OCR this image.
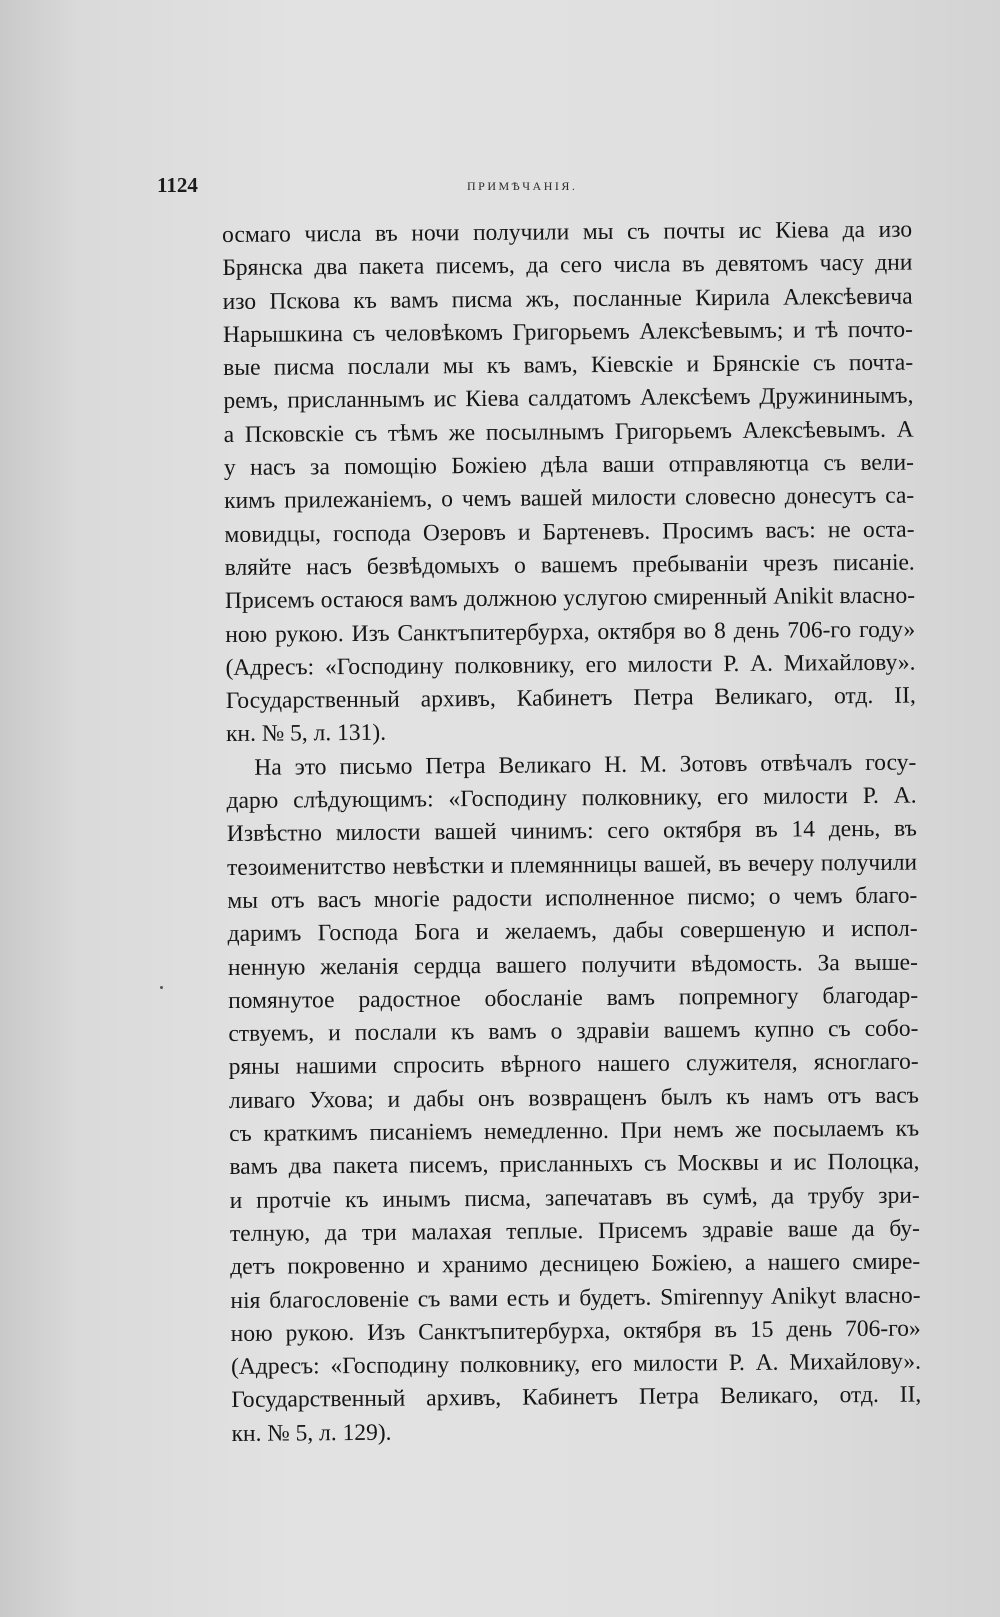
1124	ПРИМѢЧАНІЯ.
осмаго числа въ ночи получили мы съ почты ис Кіева да изо
Брянска два пакета писемъ, да сего числа въ девятомъ часу дни
изо Пскова къ вамъ писма жъ, посланные Кирила Алексѣевича
Нарышкина съ человѣкомъ Григорьемъ Алексѣевымъ; и тѣ почто-
вые писма послали мы къ вамъ, Кіевскіе и Брянскіе съ почта-
ремъ, присланнымъ ис Кіева салдатомъ Алексѣемъ Дружининымъ,
а Псковскіе съ тѣмъ же посылнымъ Григорьемъ Алексѣевымъ. А
у насъ за помощію Божіею дѣла ваши отправляютца съ вели-
кимъ прилежаніемъ, о чемъ вашей милости словесно донесутъ са-
мовидцы, господа Озеровъ и Бартеневъ. Просимъ васъ: не оста-
вляйте насъ безвѣдомыхъ о вашемъ пребываніи чрезъ писаніе.
Присемъ остаюся вамъ должною услугою смиренный Anikit власно-
ною рукою. Изъ Санктъпитербурха, октября во 8 день 706-го году»
(Адресъ: «Господину полковнику, его милости Р. А. Михайлову».
Государственный архивъ, Кабинетъ Петра Великаго, отд. II,
кн. № 5, л. 131).
На это письмо Петра Великаго Н. М. Зотовъ отвѣчалъ госу-
дарю слѣдующимъ: «Господину полковнику, его милости Р. А.
Извѣстно милости вашей чинимъ: сего октября въ 14 день, въ
тезоименитство невѣстки и племянницы вашей, въ вечеру получили
мы отъ васъ многіе радости исполненное писмо; о чемъ благо-
даримъ Господа Бога и желаемъ, дабы совершеную и испол-
ненную желанія сердца вашего получити вѣдомость. За выше-
помянутое радостное обосланіе вамъ попремногу благодар-
ствуемъ, и послали къ вамъ о здравіи вашемъ купно съ собо-
ряны нашими спросить вѣрного нашего служителя, ясноглаго-
ливаго Ухова; и дабы онъ возвращенъ былъ къ намъ отъ васъ
съ краткимъ писаніемъ немедленно. При немъ же посылаемъ къ
вамъ два пакета писемъ, присланныхъ съ Москвы и ис Полоцка,
и протчіе къ инымъ писма, запечатавъ въ сумѣ, да трубу зри-
телную, да три малахая теплые. Присемъ здравіе ваше да бу-
детъ покровенно и хранимо десницею Божіею, а нашего смире-
нія благословеніе съ вами есть и будетъ. Smirennyy Anikyt власно-
ною рукою. Изъ Санктъпитербурха, октября въ 15 день 706-го»
(Адресъ: «Господину полковнику, его милости Р. А. Михайлову».
Государственный архивъ, Кабинетъ Петра Великаго, отд. II,
кн. № 5, л. 129).
